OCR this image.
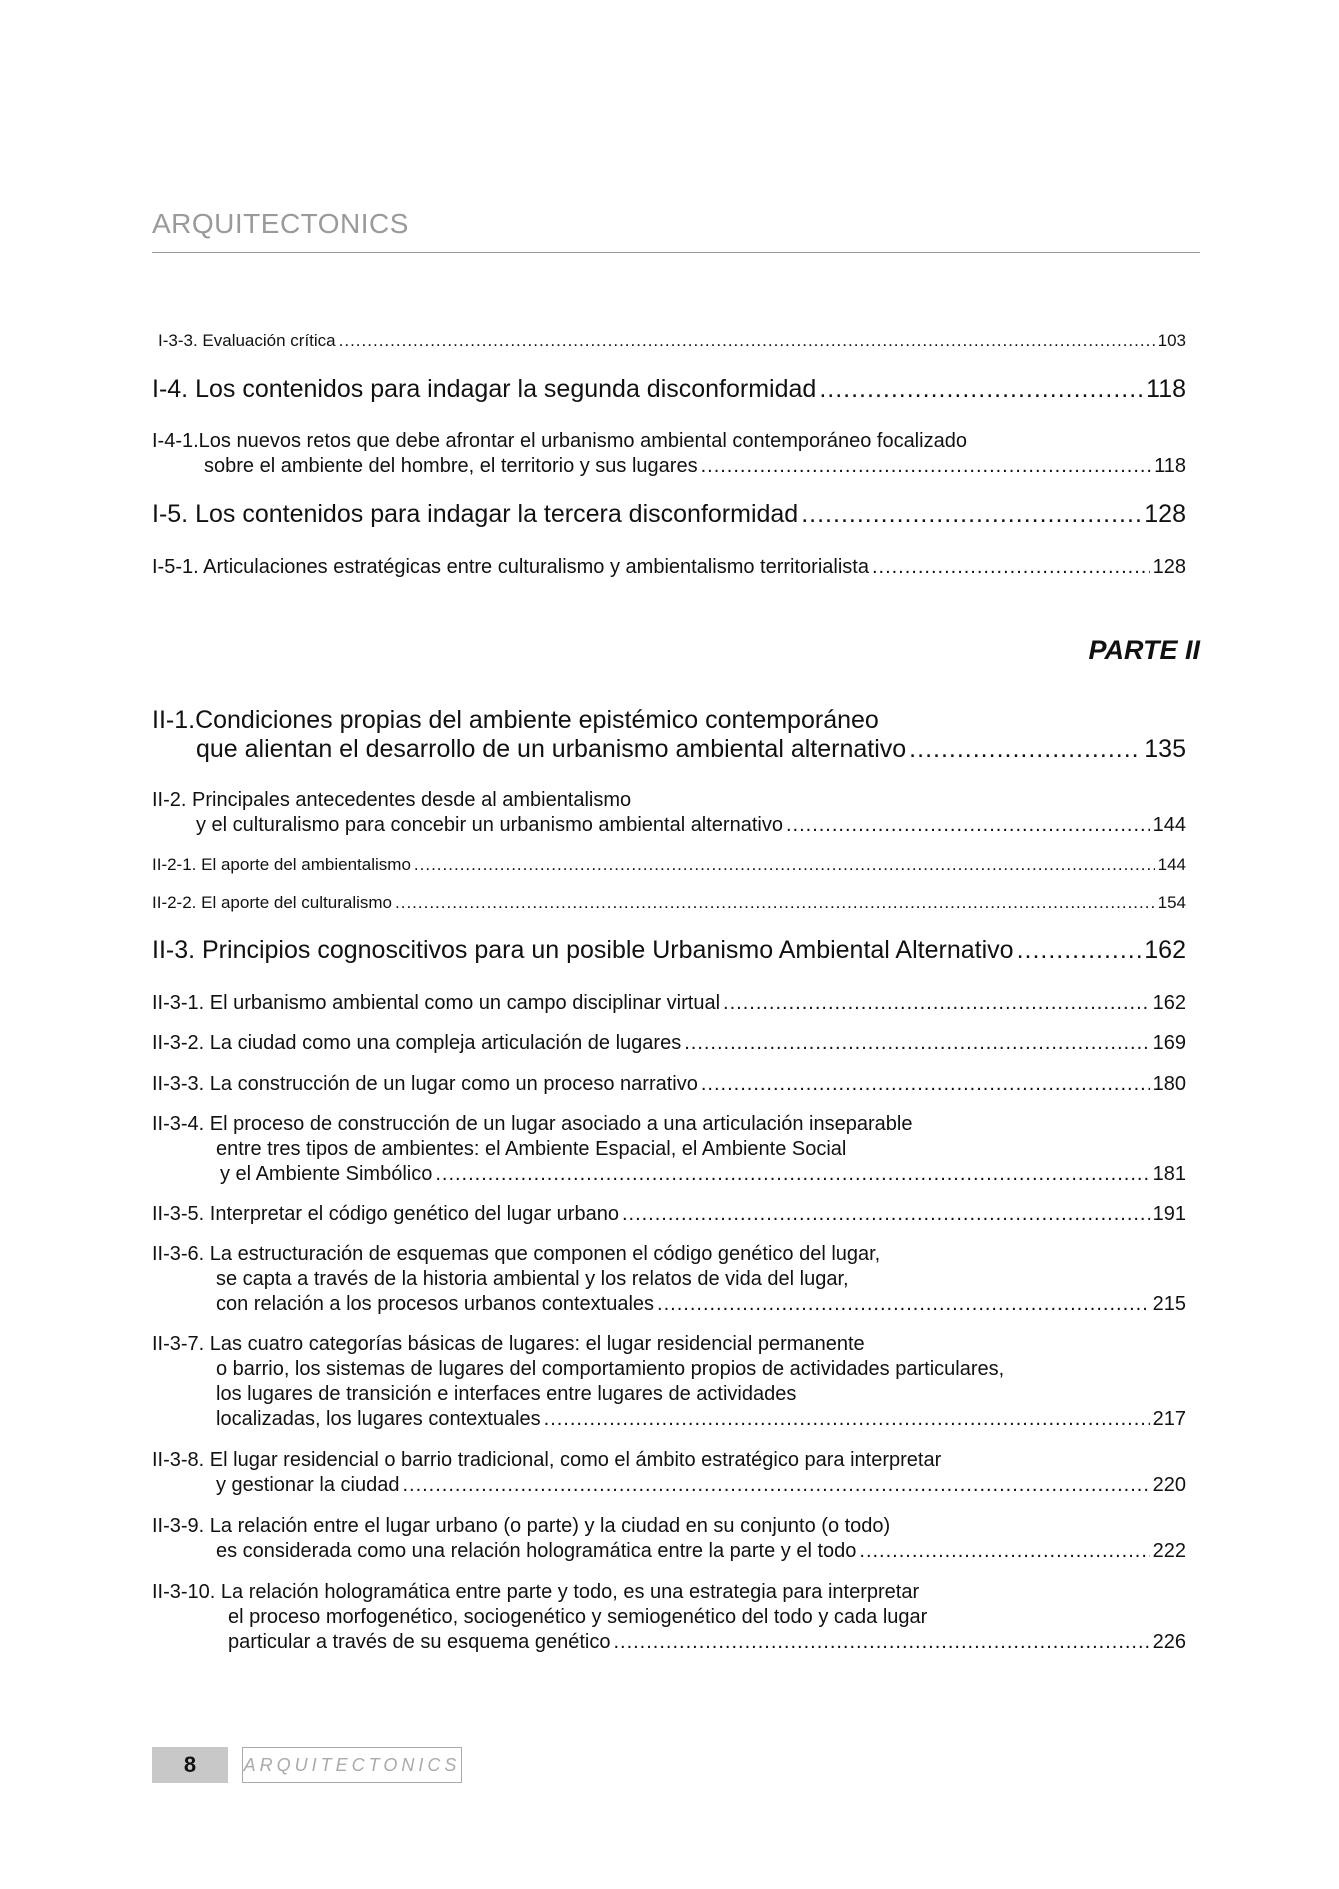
ARQUITECTONICS
I-3-3. Evaluación crítica .....	103
I-4. Los contenidos para indagar la segunda disconformidad .....	118
I-4-1.Los nuevos retos que debe afrontar el urbanismo ambiental contemporáneo focalizado
sobre el ambiente del hombre, el territorio y sus lugares .....	118
I-5. Los contenidos para indagar la tercera disconformidad .....	128
I-5-1. Articulaciones estratégicas entre culturalismo y ambientalismo territorialista .....	128
II-1.Condiciones propias del ambiente epistémico contemporáneo
que alientan el desarrollo de un urbanismo ambiental alternativo .....	135
II-2. Principales antecedentes desde al ambientalismo
y el culturalismo para concebir un urbanismo ambiental alternativo .....	144
II-2-1. El aporte del ambientalismo .....	144
II-2-2. El aporte del culturalismo .....	154
II-3. Principios cognoscitivos para un posible Urbanismo Ambiental Alternativo .....	162
II-3-1. El urbanismo ambiental como un campo disciplinar virtual .....	162
II-3-2. La ciudad como una compleja articulación de lugares .....	169
II-3-3. La construcción de un lugar como un proceso narrativo .....	180
II-3-4. El proceso de construcción de un lugar asociado a una articulación inseparable
entre tres tipos de ambientes: el Ambiente Espacial, el Ambiente Social
y el Ambiente Simbólico .....	181
II-3-5. Interpretar el código genético del lugar urbano .....	191
II-3-6. La estructuración de esquemas que componen el código genético del lugar,
se capta a través de la historia ambiental y los relatos de vida del lugar,
con relación a los procesos urbanos contextuales .....	215
II-3-7. Las cuatro categorías básicas de lugares: el lugar residencial permanente
o barrio, los sistemas de lugares del comportamiento propios de actividades particulares,
los lugares de transición e interfaces entre lugares de actividades
localizadas, los lugares contextuales .....	217
II-3-8. El lugar residencial o barrio tradicional, como el ámbito estratégico para interpretar
y gestionar la ciudad .....	220
II-3-9. La relación entre el lugar urbano (o parte) y la ciudad en su conjunto (o todo)
es considerada como una relación hologramática entre la parte y el todo .....	222
II-3-10. La relación hologramática entre parte y todo, es una estrategia para interpretar
el proceso morfogenético, sociogenético y semiogenético del todo y cada lugar
particular a través de su esquema genético .....	226
PARTE II
8	ARQUITECTONICS
